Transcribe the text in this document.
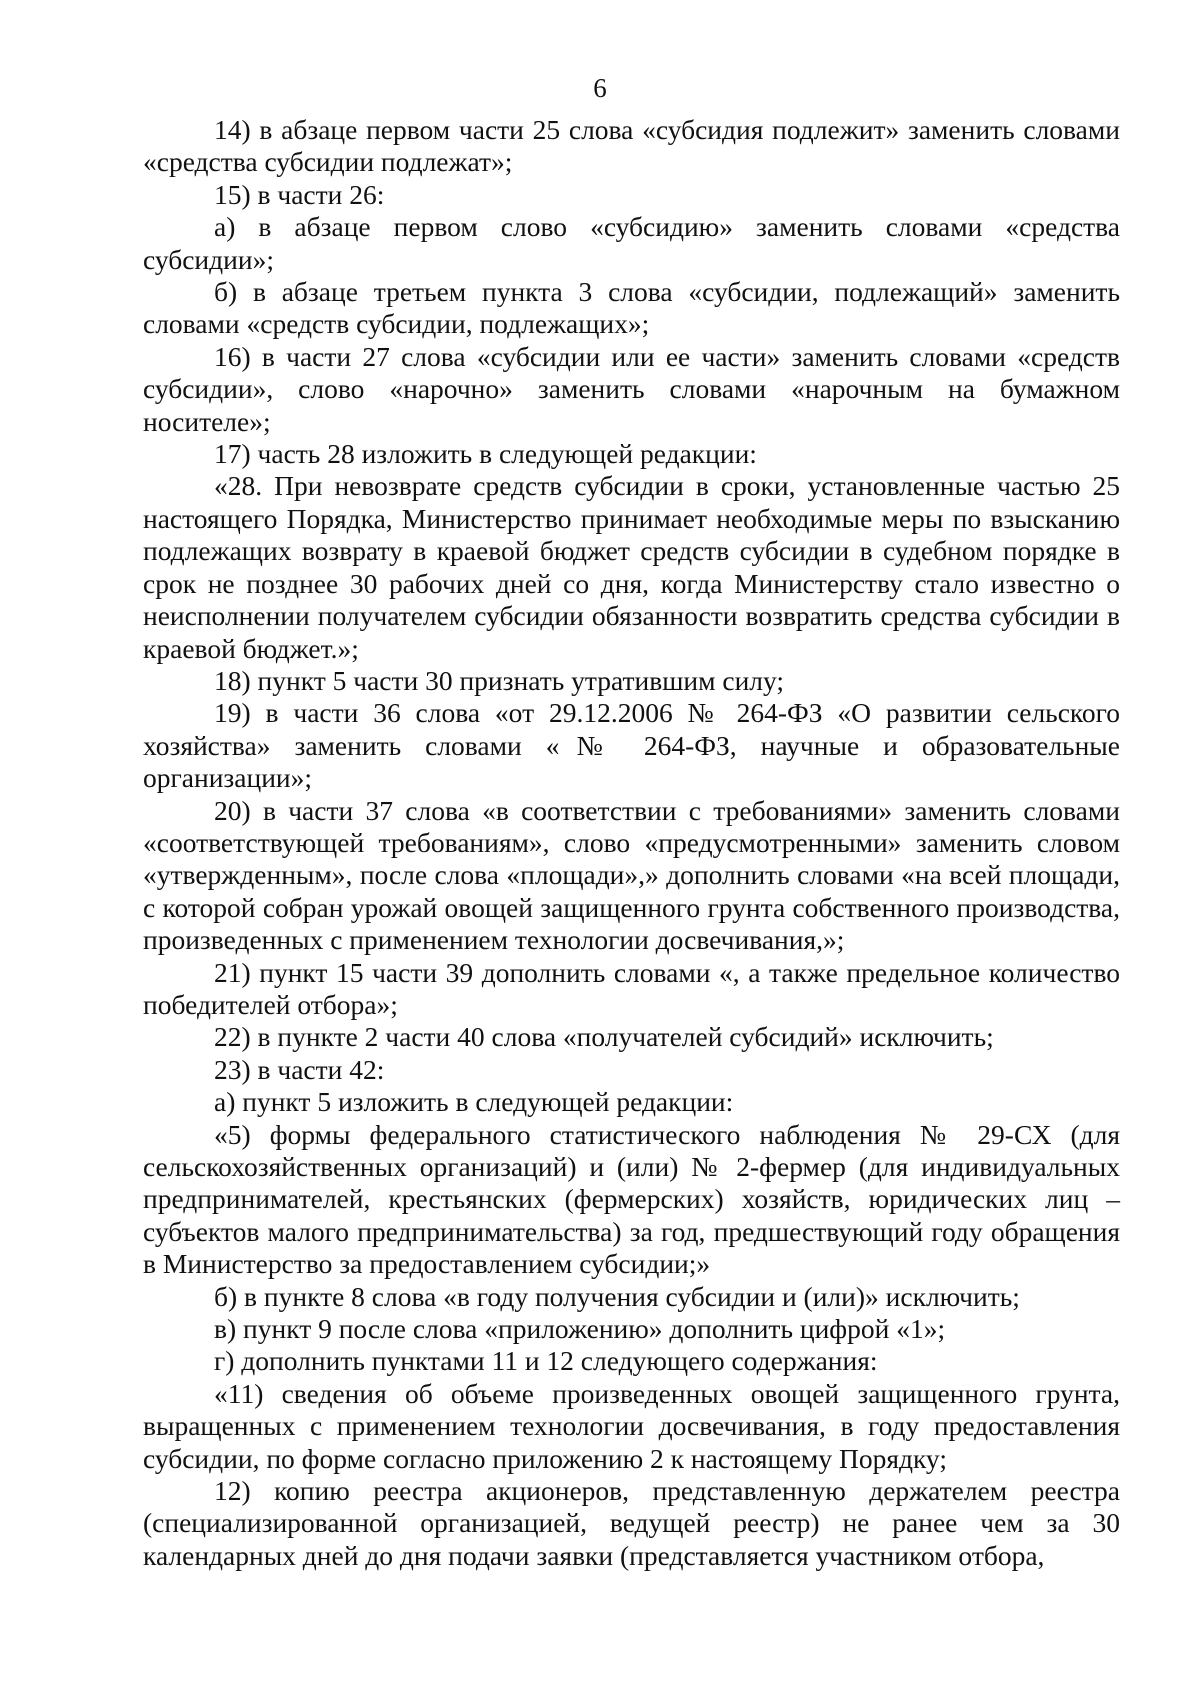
6

14) в абзаце первом части 25 слова «субсидия подлежит» заменить словами «средства субсидии подлежат»;

15) в части 26:

а) в абзаце первом слово «субсидию» заменить словами «средства субсидии»;

б) в абзаце третьем пункта 3 слова «субсидии, подлежащий» заменить словами «средств субсидии, подлежащих»;

16) в части 27 слова «субсидии или ее части» заменить словами «средств субсидии», слово «нарочно» заменить словами «нарочным на бумажном носителе»;

17) часть 28 изложить в следующей редакции:

«28. При невозврате средств субсидии в сроки, установленные частью 25 настоящего Порядка, Министерство принимает необходимые меры по взысканию подлежащих возврату в краевой бюджет средств субсидии в судебном порядке в срок не позднее 30 рабочих дней со дня, когда Министерству стало известно о неисполнении получателем субсидии обязанности возвратить средства субсидии в краевой бюджет.»;

18) пункт 5 части 30 признать утратившим силу;

19) в части 36 слова «от 29.12.2006 № 264-ФЗ «О развитии сельского хозяйства» заменить словами «№ 264-ФЗ, научные и образовательные организации»;

20) в части 37 слова «в соответствии с требованиями» заменить словами «соответствующей требованиям», слово «предусмотренными» заменить словом «утвержденным», после слова «площади»,» дополнить словами «на всей площади, с которой собран урожай овощей защищенного грунта собственного производства, произведенных с применением технологии досвечивания,»;

21) пункт 15 части 39 дополнить словами «, а также предельное количество победителей отбора»;

22) в пункте 2 части 40 слова «получателей субсидий» исключить;

23) в части 42:

а) пункт 5 изложить в следующей редакции:

«5) формы федерального статистического наблюдения № 29-СХ (для сельскохозяйственных организаций) и (или) № 2-фермер (для индивидуальных предпринимателей, крестьянских (фермерских) хозяйств, юридических лиц – субъектов малого предпринимательства) за год, предшествующий году обращения в Министерство за предоставлением субсидии;»

б) в пункте 8 слова «в году получения субсидии и (или)» исключить;

в) пункт 9 после слова «приложению» дополнить цифрой «1»;

г) дополнить пунктами 11 и 12 следующего содержания:

«11) сведения об объеме произведенных овощей защищенного грунта, выращенных с применением технологии досвечивания, в году предоставления субсидии, по форме согласно приложению 2 к настоящему Порядку;

12) копию реестра акционеров, представленную держателем реестра (специализированной организацией, ведущей реестр) не ранее чем за 30 календарных дней до дня подачи заявки (представляется участником отбора,
